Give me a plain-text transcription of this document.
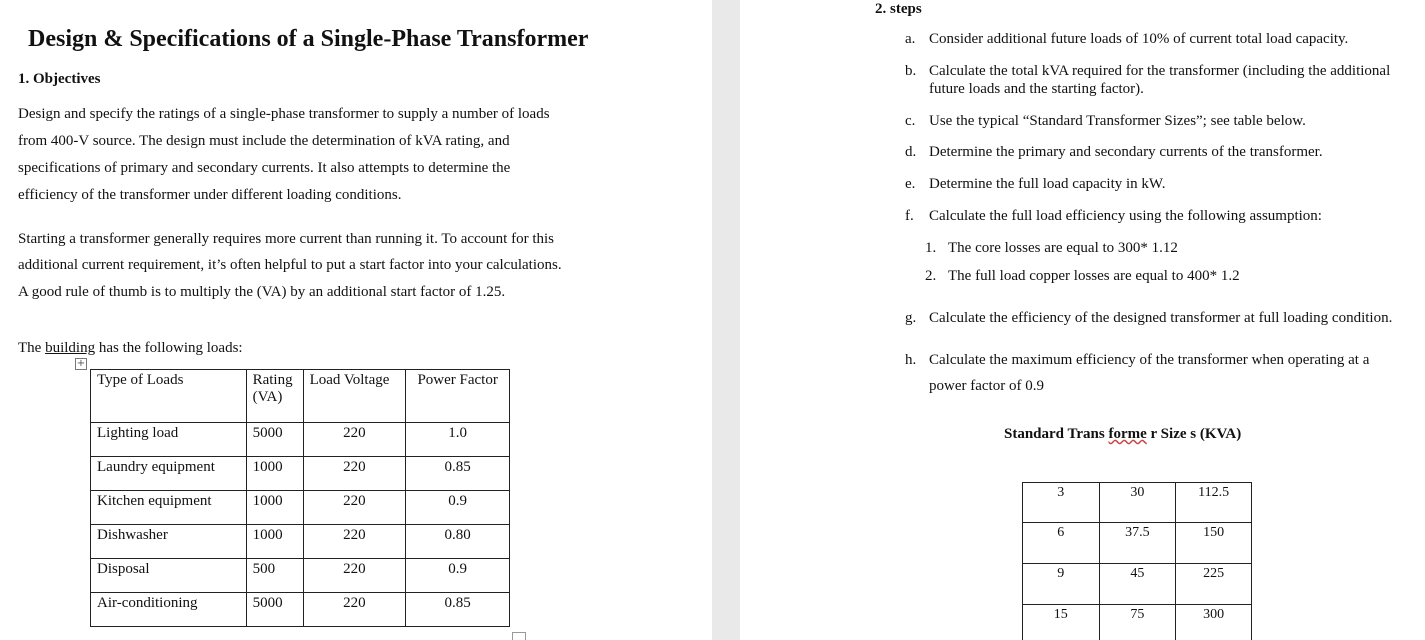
Design & Specifications of a Single-Phase Transformer
1. Objectives
Design and specify the ratings of a single-phase transformer to supply a number of loads
from 400-V source. The design must include the determination of kVA rating, and
specifications of primary and secondary currents. It also attempts to determine the
efficiency of the transformer under different loading conditions.
Starting a transformer generally requires more current than running it. To account for this
additional current requirement, it’s often helpful to put a start factor into your calculations.
A good rule of thumb is to multiply the (VA) by an additional start factor of 1.25.
The building has the following loads:
+
Type of Loads	Rating (VA)	Load Voltage	Power Factor
Lighting load	5000	220	1.0
Laundry equipment	1000	220	0.85
Kitchen equipment	1000	220	0.9
Dishwasher	1000	220	0.80
Disposal	500	220	0.9
Air-conditioning	5000	220	0.85
2. steps
a. Consider additional future loads of 10% of current total load capacity.
b. Calculate the total kVA required for the transformer (including the additional
future loads and the starting factor).
c. Use the typical “Standard Transformer Sizes”; see table below.
d. Determine the primary and secondary currents of the transformer.
e. Determine the full load capacity in kW.
f. Calculate the full load efficiency using the following assumption:
1. The core losses are equal to 300* 1.12
2. The full load copper losses are equal to 400* 1.2
g. Calculate the efficiency of the designed transformer at full loading condition.
h. Calculate the maximum efficiency of the transformer when operating at a
power factor of 0.9
Standard Trans forme r Size s (KVA)
3	30	112.5
6	37.5	150
9	45	225
15	75	300
